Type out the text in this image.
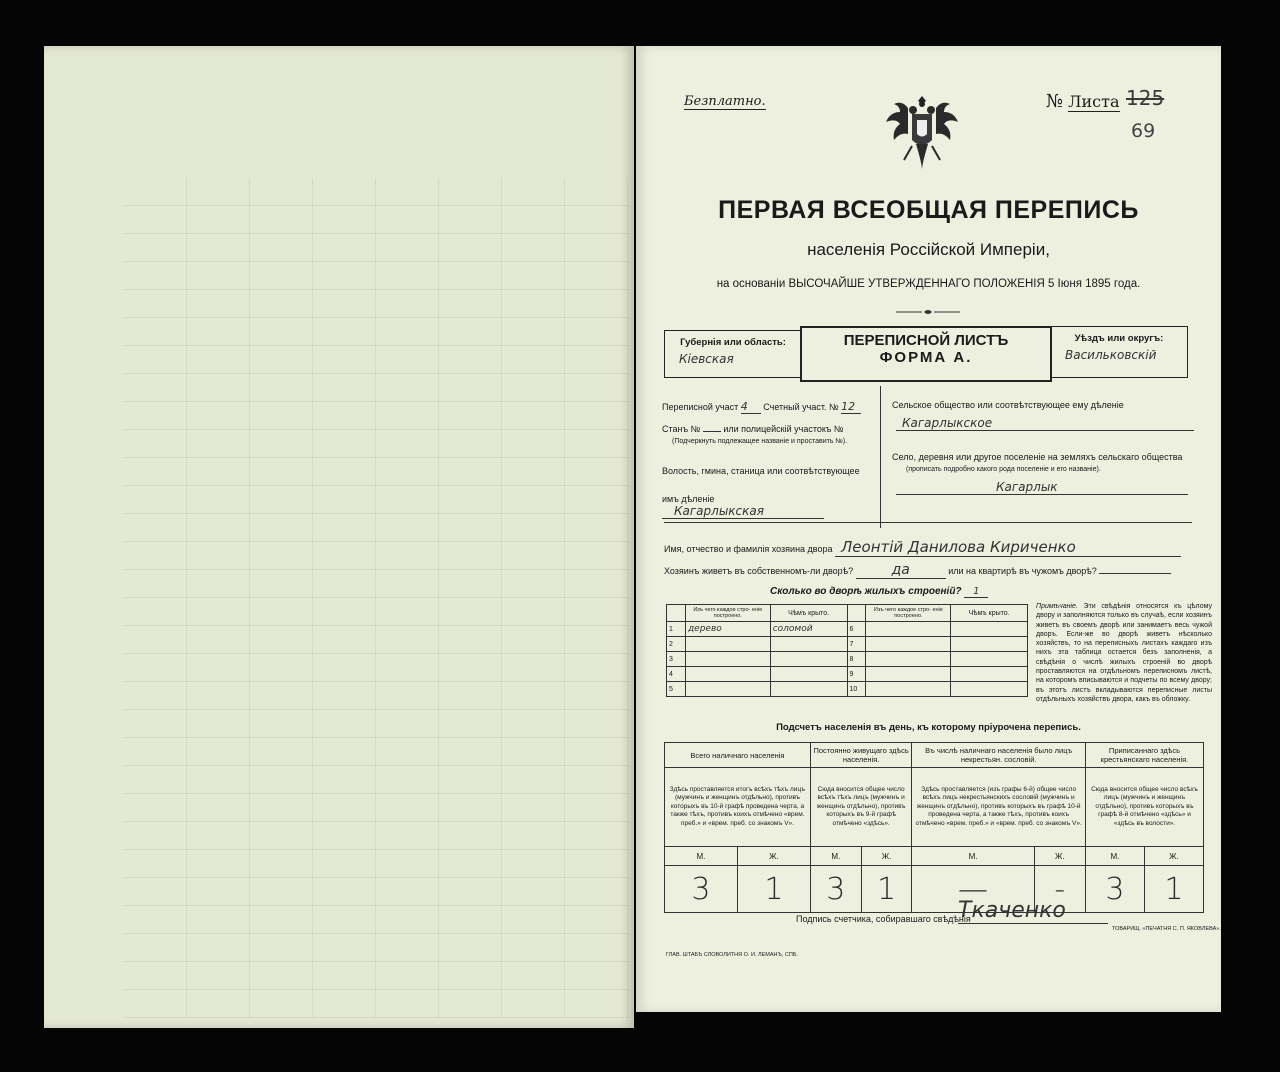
Безплатно.	№ Листа 125
69
ПЕРВАЯ ВСЕОБЩАЯ ПЕРЕПИСЬ
населенія Россійской Имперіи,
на основаніи ВЫСОЧАЙШЕ УТВЕРЖДЕННАГО ПОЛОЖЕНІЯ 5 Іюня 1895 года.
Губернія или область:
Кіевская
ПЕРЕПИСНОЙ ЛИСТЪ
ФОРМА А.
Уѣздъ или округъ:
Васильковскій
Переписной участ 4 Счетный участ. № 12
Станъ №	или полицейскій участокъ №
(Подчеркнуть подлежащее названіе и проставить №).
Волость, гмина, станица или соотвѣтствующее
имъ дѣленіе Кагарлыкская
Сельское общество или соотвѣтствующее ему дѣленіе
Кагарлыкское
Село, деревня или другое поселеніе на земляхъ сельскаго общества
(прописать подробно какого рода поселеніе и его названіе).
Кагарлык
Имя, отчество и фамилія хозяина двора Леонтій Данилова Кириченко
Хозяинъ живетъ въ собственномъ-ли дворѣ?	да	или на квартирѣ въ чужомъ дворѣ?
Сколько во дворѣ жилыхъ строеній? 1
	Изъ чего каждое стро- еніе построено.	Чѣмъ крыто.		Изъ чего каждое стро- еніе построено.	Чѣмъ крыто.
1	дерево	соломой	6		
2			7		
3			8		
4			9		
5			10		
Примѣчаніе. Эти свѣдѣнія относятся къ цѣлому двору и заполняются только въ случаѣ, если хозяинъ живетъ въ своемъ дворѣ или занимаетъ весь чужой дворъ. Если-же во дворѣ живетъ нѣсколько хозяйствъ, то на переписныхъ листахъ каждаго изъ нихъ эта таблица остается безъ заполненія, а свѣдѣнія о числѣ жилыхъ строеній во дворѣ проставляются на отдѣльномъ переписномъ листѣ, на которомъ вписываются и подчеты по всему двору; въ этотъ листъ вкладываются переписные листы отдѣльныхъ хозяйствъ двора, какъ въ обложку.
Подсчетъ населенія въ день, къ которому пріурочена перепись.
Всего наличнаго населенія		Постоянно живущаго здѣсь населенія.		Въ числѣ наличнаго населенія было лицъ некрестьян. сословій.		Приписаннаго здѣсь крестьянскаго населенія.	
Здѣсь проставляется итогъ всѣхъ тѣхъ лицъ (мужчинъ и женщинъ отдѣльно), противъ которыхъ въ 10-й графѣ проведена черта, а также тѣхъ, противъ коихъ отмѣчено «врем. преб.» и «врем. преб. со знакомъ V».		Сюда вносится общее число всѣхъ тѣхъ лицъ (мужчинъ и женщинъ отдѣльно), противъ которыхъ въ 9-й графѣ отмѣчено «здѣсь».		Здѣсь проставляется (изъ графы 6-й) общее число всѣхъ лицъ некрестьянскихъ сословій (мужчинъ и женщинъ отдѣльно), противъ которыхъ въ графѣ 10-й проведена черта, а также тѣхъ, противъ коихъ отмѣчено «врем. преб.» и «врем. преб. со знакомъ V».		Сюда вносится общее число всѣхъ лицъ (мужчинъ и женщинъ отдѣльно), противъ которыхъ въ графѣ 8-й отмѣчено «здѣсь» и «здѣсь въ волости».	
М.	Ж.	М.	Ж.	М.	Ж.	М.	Ж.
3	1	3	1	—	-	3	1
Подпись счетчика, собиравшаго свѣдѣнія
Ткаченко
ГЛАВ. ШТАБЪ СЛОВОЛИТНЯ О. И. ЛЕМАНЪ, СПБ.
ТОВАРИЩ. «ПЕЧАТНЯ С. П. ЯКОВЛЕВА».
